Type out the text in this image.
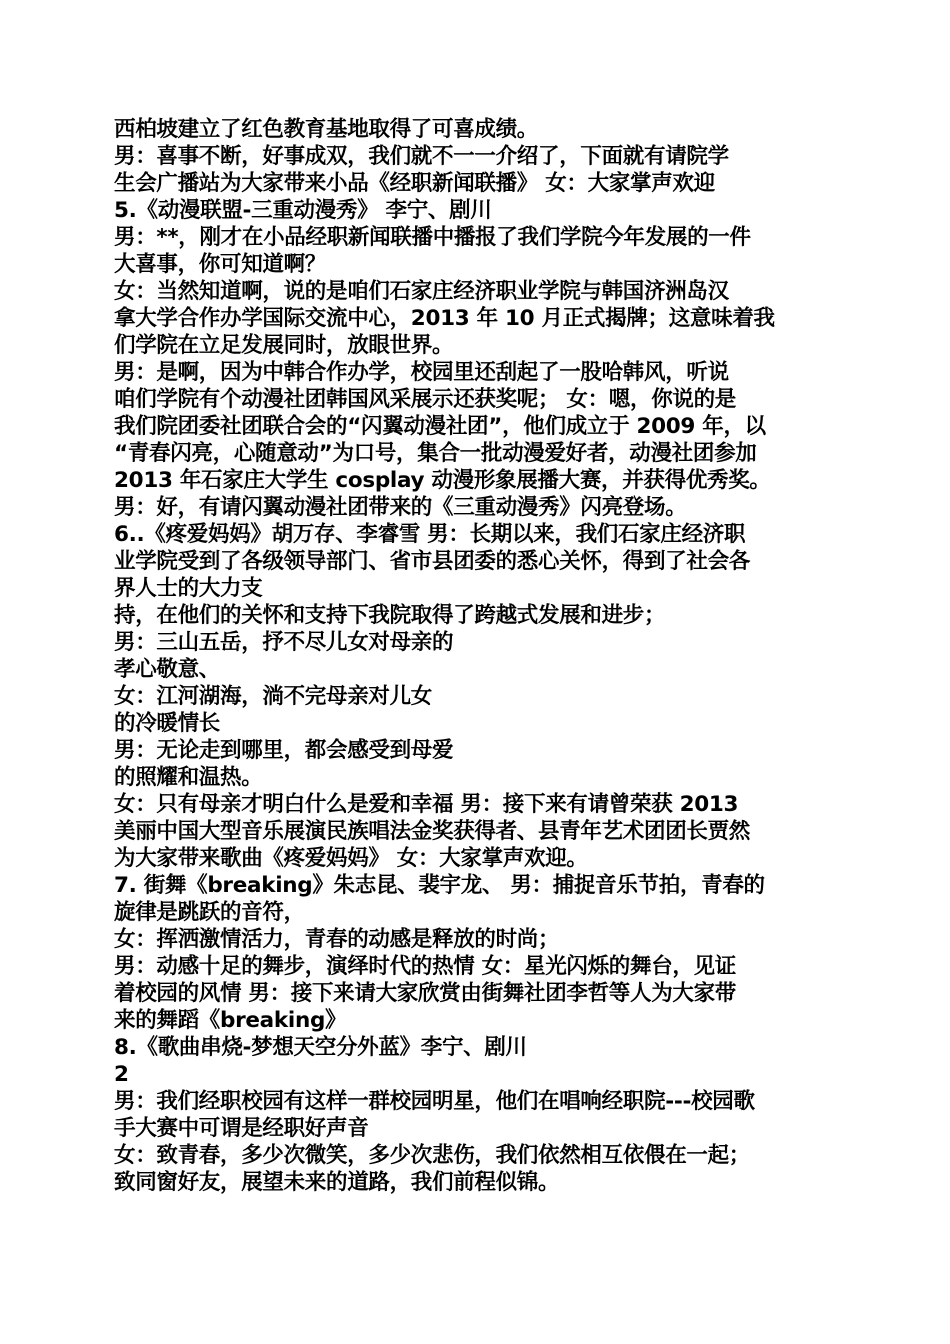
西柏坡建立了红色教育基地取得了可喜成绩。
男：喜事不断，好事成双，我们就不一一介绍了，下面就有请院学
生会广播站为大家带来小品《经职新闻联播》 女：大家掌声欢迎
5.《动漫联盟-三重动漫秀》 李宁、剧川
男：**，刚才在小品经职新闻联播中播报了我们学院今年发展的一件
大喜事，你可知道啊？
女：当然知道啊，说的是咱们石家庄经济职业学院与韩国济洲岛汉
拿大学合作办学国际交流中心，2013 年 10 月正式揭牌；这意味着我
们学院在立足发展同时，放眼世界。
男：是啊，因为中韩合作办学，校园里还刮起了一股哈韩风，听说
咱们学院有个动漫社团韩国风采展示还获奖呢； 女：嗯，你说的是
我们院团委社团联合会的“闪翼动漫社团”，他们成立于 2009 年，以
“青春闪亮，心随意动”为口号，集合一批动漫爱好者，动漫社团参加
2013 年石家庄大学生 cosplay 动漫形象展播大赛，并获得优秀奖。
男：好，有请闪翼动漫社团带来的《三重动漫秀》闪亮登场。
6..《疼爱妈妈》胡万存、李睿雪 男：长期以来，我们石家庄经济职
业学院受到了各级领导部门、省市县团委的悉心关怀，得到了社会各
界人士的大力支
持，在他们的关怀和支持下我院取得了跨越式发展和进步；
男：三山五岳，抒不尽儿女对母亲的
孝心敬意、
女：江河湖海，淌不完母亲对儿女
的冷暖情长
男：无论走到哪里，都会感受到母爱
的照耀和温热。
女：只有母亲才明白什么是爱和幸福 男：接下来有请曾荣获 2013
美丽中国大型音乐展演民族唱法金奖获得者、县青年艺术团团长贾然
为大家带来歌曲《疼爱妈妈》 女：大家掌声欢迎。
7. 街舞《breaking》朱志昆、裴宇龙、 男：捕捉音乐节拍，青春的
旋律是跳跃的音符，
女：挥洒激情活力，青春的动感是释放的时尚；
男：动感十足的舞步，演绎时代的热情 女：星光闪烁的舞台，见证
着校园的风情 男：接下来请大家欣赏由街舞社团李哲等人为大家带
来的舞蹈《breaking》
8.《歌曲串烧-梦想天空分外蓝》李宁、剧川
2
男：我们经职校园有这样一群校园明星，他们在唱响经职院---校园歌
手大赛中可谓是经职好声音
女：致青春，多少次微笑，多少次悲伤，我们依然相互依偎在一起；
致同窗好友，展望未来的道路，我们前程似锦。
